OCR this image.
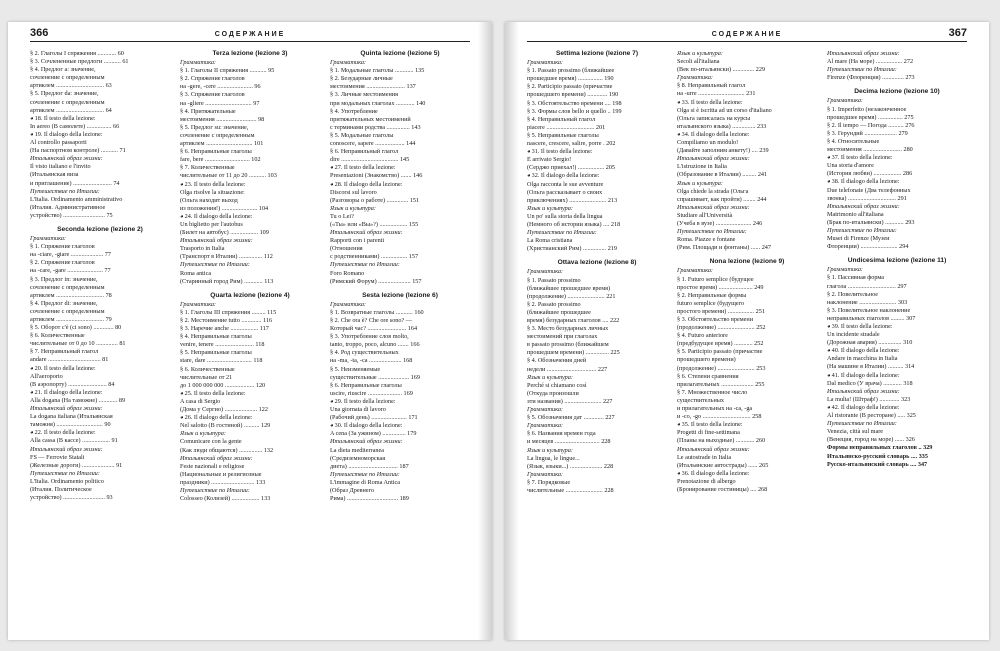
366	СОДЕРЖАНИЕ
§ 2. Глаголы I спряжения ............ 60
§ 3. Сочлененные предлоги ........... 61
§ 4. Предлог a: значение,
сочленение с определенным
артиклем ............................... 63
§ 5. Предлог da: значение,
сочленение с определенным
артиклем ............................... 64
◕18. Il testo della lezione:
In aereo (В самолете) ................ 66
◕19. Il dialogo della lezione:
Al controllo passaporti
(На паспортном контроле) ........... 71
Итальянский образ жизни:
Il visto italiano e l'invito
(Итальянская виза
и приглашение) ......................... 74
Путешествие по Италии:
L'Italia. Ordinamento amministrativo
(Италия. Административное
устройство) ........................... 75
Seconda lezione (lezione 2)
Грамматика:
§ 1. Спряжение глаголов
на -ciare, -giare ..................... 77
§ 2. Спряжение глаголов
на -care, -gare ....................... 77
§ 3. Предлог in: значение,
сочленение с определенным
артиклем ............................... 78
§ 4. Предлог di: значение,
сочленение с определенным
артиклем ............................... 79
§ 5. Оборот c'è (ci sono) ............. 80
§ 6. Количественные
числительные от 0 до 10 .............. 81
§ 7. Неправильный глагол
andare .................................. 81
◕20. Il testo della lezione:
All'aeroporto
(В аэропорту) ......................... 84
◕21. Il dialogo della lezione:
Alla dogana (На таможне) ............ 89
Итальянский образ жизни:
La dogana italiana (Итальянская
таможня) .............................. 90
◕22. Il testo della lezione:
Alla cassa (В кассе) .................. 91
Итальянский образ жизни:
FS — Ferrovie Statali
(Железные дороги) ..................... 91
Путешествие по Италии:
L'Italia. Ordinamento politico
(Италия. Политическое
устройство) ........................... 93
Terza lezione (lezione 3)
Грамматика:
§ 1. Глаголы II спряжения ........... 95
§ 2. Спряжение глаголов
на -gere, -cere ....................... 96
§ 3. Спряжение глаголов
на -gliere .............................. 97
§ 4. Притяжательные
местоимения .......................... 98
§ 5. Предлог su: значение,
сочленение с определенным
артиклем .............................. 101
§ 6. Неправильные глаголы
fare, bere ............................. 102
§ 7. Количественные
числительные от 11 до 20 ........... 103
◕23. Il testo della lezione:
Olga risolve la situazione:
(Ольга находит выход
из положения!) ....................... 104
◕24. Il dialogo della lezione:
Un biglietto per l'autobus
(Билет на автобус) .................. 109
Итальянский образ жизни:
Trasporto in Italia
(Транспорт в Италии) ............... 112
Путешествие по Италии:
Roma antica
(Старинный город Рим) ............ 113
Quarta lezione (lezione 4)
Грамматика:
§ 1. Глаголы III спряжения ......... 115
§ 2. Местоимение tutto ............. 116
§ 3. Наречие anche .................. 117
§ 4. Неправильные глаголы
venire, tenere ......................... 118
§ 5. Неправильные глаголы
stare, dare ............................. 118
§ 6. Количественные
числительные от 21
до 1 000 000 000 ................... 120
◕25. Il testo della lezione:
A casa di Sergio
(Дома у Сергио) ..................... 122
◕26. Il dialogo della lezione:
Nel salotto (В гостиной) .......... 129
Язык и культура:
Comunicare con la gente
(Как люди общаются) ............... 132
Итальянский образ жизни:
Feste nazionali e religiose
(Национальные и религиозные
праздники) ............................ 133
Путешествие по Италии:
Colosseo (Колизей) .................. 133
Quinta lezione (lezione 5)
Грамматика:
§ 1. Модальные глаголы ............ 135
§ 2. Безударные личные
местоимения ......................... 137
§ 3. Личные местоимения
при модальных глаголах ............ 140
§ 4. Употребление
притяжательных местоимений
с терминами родства ............... 143
§ 5. Модальные глаголы
conoscere, sapere ................... 144
§ 6. Неправильный глагол
dire ..................................... 145
◕27. Il testo della lezione:
Presentazioni (Знакомство) ....... 146
◕28. Il dialogo della lezione:
Discorsi sul lavoro
(Разговоры о работе) .............. 151
Язык и культура:
Tu o Lei?
(«Ты» или «Вы»?) .................. 155
Итальянский образ жизни:
Rapporti con i parenti
(Отношения
с родственниками) ................. 157
Путешествие по Италии:
Foro Romano
(Римский Форум) ..................... 157
Sesta lezione (lezione 6)
Грамматика:
§ 1. Возвратные глаголы ........... 160
§ 2. Che ora è? Che ore sono? —
Который час? ......................... 164
§ 3. Употребление слов molto,
tanto, troppo, poco, alcuno ....... 166
§ 4. Род существительных
на -ma, -ta, -ca ..................... 168
§ 5. Неизменяемые
существительные .................... 169
§ 6. Неправильные глаголы
uscire, riuscire ...................... 169
◕29. Il testo della lezione:
Una giornata di lavoro
(Рабочий день) ....................... 171
◕30. Il dialogo della lezione:
A cena (За ужином) ............... 179
Итальянский образ жизни:
La dieta mediterranea
(Средиземноморская
диета) ................................ 187
Путешествие по Италии:
L'immagine di Roma Antica
(Образ Древнего
Рима) ................................. 189
367
СОДЕРЖАНИЕ
Settima lezione (lezione 7)
Грамматика:
§ 1. Passato prossimo (ближайшее
прошедшее время) ................ 190
§ 2. Participio passato (причастие
прошедшего времени) ............. 190
§ 3. Обстоятельство времени .... 198
§ 3. Формы слов bello и quello .. 199
§ 4. Неправильный глагол
piacere ............................... 201
§ 5. Неправильные глаголы
nascere, crescere, salire, porre . 202
◕31. Il testo della lezione:
È arrivato Sergio!
(Серджо приехал!) ................. 205
◕32. Il dialogo della lezione:
Olga racconta le sue avventure
(Ольга рассказывает о своих
приключениях) ........................ 213
Язык и культура:
Un po' sulla storia della lingua
(Немного об истории языка) .... 218
Путешествие по Италии:
La Roma cristiana
(Христианский Рим) ............... 219
Ottava lezione (lezione 8)
Грамматика:
§ 1. Passato prossimo
(ближайшее прошедшее время)
(продолжение) ........................ 221
§ 2. Passato prossimo
(ближайшее прошедшее
время) безударных глаголов .... 222
§ 3. Место безударных личных
местоимений при глаголах
в passato prossimo (ближайшем
прошедшем времени) ............... 225
§ 4. Обозначения дней
недели ................................ 227
Язык и культура:
Perché si chiamano così
(Откуда произошли
эти названия) ........................ 227
Грамматика:
§ 5. Обозначения дат ............. 227
Грамматика:
§ 6. Названия времен года
и месяцев ............................. 228
Язык и культура:
La lingua, le lingue...
(Язык, языки...) ..................... 228
Грамматика:
§ 7. Порядковые
числительные ........................ 228
Язык и культура:
Secoli all'italiana
(Век по-итальянски) .............. 229
Грамматика:
§ 8. Неправильный глагол
на -urre .............................. 231
◕33. Il testo della lezione:
Olga si è iscritta ad un corso d'italiano
(Ольга записалась на курсы
итальянского языка) ............... 233
◕34. Il dialogo della lezione:
Compiliamo un modulo!
(Давайте заполним анкету!) .... 239
Итальянский образ жизни:
L'istruzione in Italia
(Образование в Италии) ......... 241
Язык и культура:
Olga chiede la strada (Ольга
спрашивает, как пройти) ........ 244
Итальянский образ жизни:
Studiare all'Università
(Учеба в вузе) ....................... 246
Путешествие по Италии:
Roma. Piazze e fontane
(Рим. Площади и фонтаны) ...... 247
Nona lezione (lezione 9)
Грамматика:
§ 1. Futuro semplice (будущее
простое время) ...................... 249
§ 2. Неправильные формы
futuro semplice (будущего
простого времени) ................. 251
§ 3. Обстоятельство времени
(продолжение) ........................ 252
§ 4. Futuro anteriore
(предбудущее время) ............ 252
§ 5. Participio passato (причастие
прошедшего времени)
(продолжение) ........................ 253
§ 6. Степени сравнения
прилагательных ..................... 255
§ 7. Множественное число
существительных
и прилагательных на -ca, -ga
и -co, -go ............................... 258
◕35. Il testo della lezione:
Progetti di fine-settimana
(Планы на выходные) ............ 260
Итальянский образ жизни:
Le autostrade in Italia
(Итальянские автострады) ...... 265
◕36. Il dialogo della lezione:
Prenotazione di albergo
(Бронирование гостиницы) .... 268
Итальянский образ жизни:
Al mare (На море) ................. 272
Путешествие по Италии:
Firenze (Флоренция) .............. 273
Decima lezione (lezione 10)
Грамматика:
§ 1. Imperfetto (незаконченное
прошедшее время) ................ 275
§ 2. Il tempo — Погода .......... 276
§ 3. Герундий ..................... 279
§ 4. Относительные
местоимения ......................... 280
◕37. Il testo della lezione:
Una storia d'amore
(История любви) .................. 286
◕38. Il dialogo della lezione:
Due telefonate (Два телефонных
звонка) ............................... 291
Итальянский образ жизни:
Matrimonio all'italiana
(Брак по-итальянски) ............ 293
Путешествие по Италии:
Musei di Firenze (Музеи
Флоренции) ........................ 294
Undicesima lezione (lezione 11)
Грамматика:
§ 1. Пассивная форма
глагола ............................... 297
§ 2. Повелительное
наклонение ........................ 303
§ 3. Повелительное наклонение
неправильных глаголов ......... 307
◕39. Il testo della lezione:
Un incidente stradale
(Дорожная авария) ............... 310
◕40. Il dialogo della lezione:
Andare in macchina in Italia
(На машине в Италии) .......... 314
◕41. Il dialogo della lezione:
Dal medico (У врача) ............ 318
Итальянский образ жизни:
La multa! (Штраф!) ............. 323
◕42. Il dialogo della lezione:
Al ristorante (В ресторане) ..... 325
Путешествие по Италии:
Venezia, città sul mare
(Венеция, город на море) ...... 326
Формы неправильных глаголов .. 329
Итальянско-русский словарь .... 335
Русско-итальянский словарь .... 347
